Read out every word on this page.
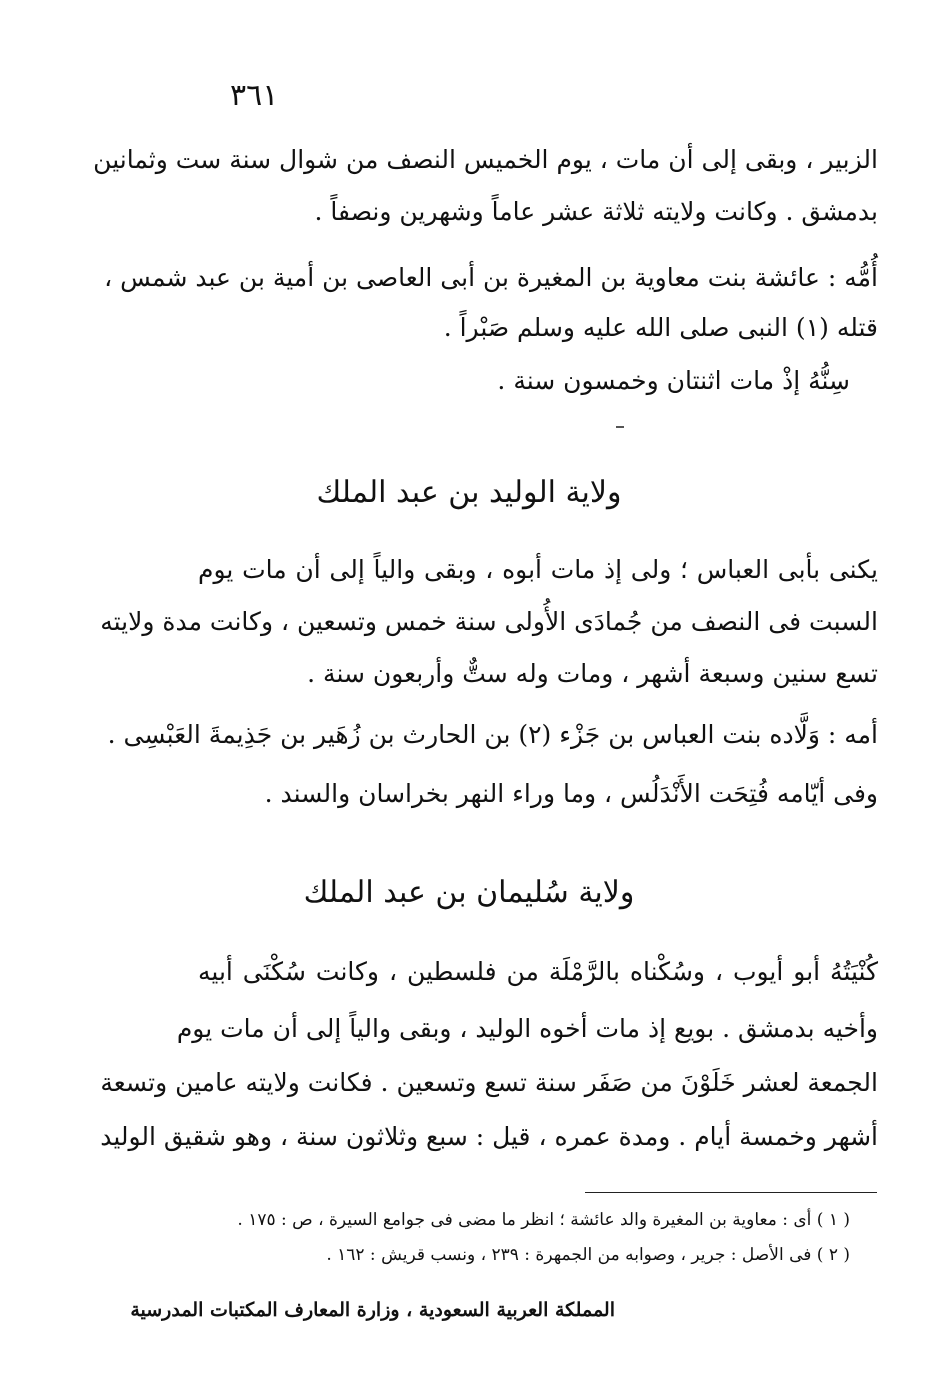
٣٦١
الزبير ، وبقى إلى أن مات ، يوم الخميس النصف من شوال سنة ست وثمانين
بدمشق . وكانت ولايته ثلاثة عشر عاماً وشهرين ونصفاً .
أُمُّه : عائشة بنت معاوية بن المغيرة بن أبى العاصى بن أمية بن عبد شمس ،
قتله (١) النبى صلى الله عليه وسلم صَبْراً .
سِنُّهُ إذْ مات اثنتان وخمسون سنة .
ولاية الوليد بن عبد الملك
يكنى بأبى العباس ؛ ولى إذ مات أبوه ، وبقى والياً إلى أن مات يوم
السبت فى النصف من جُمادَى الأُولى سنة خمس وتسعين ، وكانت مدة ولايته
تسع سنين وسبعة أشهر ، ومات وله ستٌّ وأربعون سنة .
أمه : وَلَّاده بنت العباس بن جَزْء (٢) بن الحارث بن زُهَير بن جَذِيمةَ العَبْسِى .
وفى أيّامه فُتِحَت الأَنْدَلُس ، وما وراء النهر بخراسان والسند .
ولاية سُليمان بن عبد الملك
كُنْيَتُهُ أبو أيوب ، وسُكْناه بالرَّمْلَة من فلسطين ، وكانت سُكْنَى أبيه
وأخيه بدمشق . بويع إذ مات أخوه الوليد ، وبقى والياً إلى أن مات يوم
الجمعة لعشر خَلَوْنَ من صَفَر سنة تسع وتسعين . فكانت ولايته عامين وتسعة
أشهر وخمسة أيام . ومدة عمره ، قيل : سبع وثلاثون سنة ، وهو شقيق الوليد
( ١ ) أى : معاوية بن المغيرة والد عائشة ؛ انظر ما مضى فى جوامع السيرة ، ص : ١٧٥ .
( ٢ ) فى الأصل : جرير ، وصوابه من الجمهرة : ٢٣٩ ، ونسب قريش : ١٦٢ .
المملكة العربية السعودية ، وزارة المعارف المكتبات المدرسية
